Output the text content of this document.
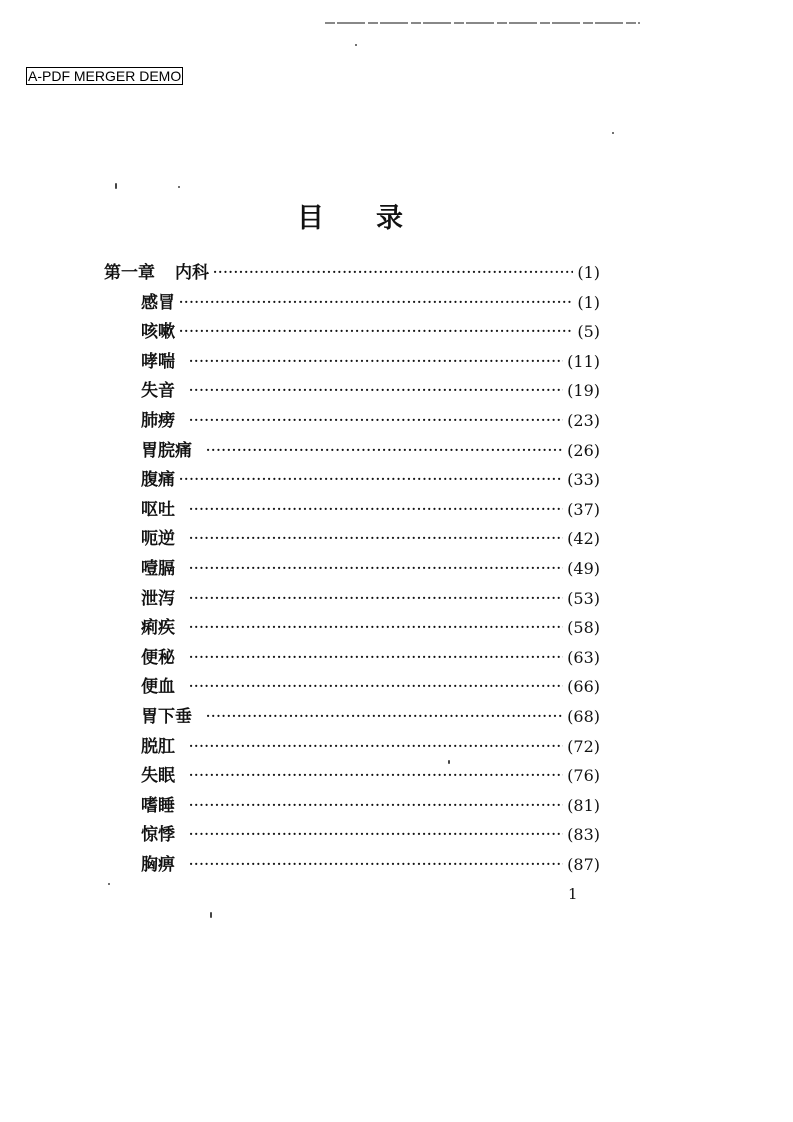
A-PDF MERGER DEMO
目录
第一章 内科 ·····	(1)
感冒 ·····	(1)
咳嗽 ·····	(5)
哮喘 ·····	(11)
失音 ·····	(19)
肺痨 ·····	(23)
胃脘痛 ·····	(26)
腹痛 ·····	(33)
呕吐 ·····	(37)
呃逆 ·····	(42)
噎膈 ·····	(49)
泄泻 ·····	(53)
痢疾 ·····	(58)
便秘 ·····	(63)
便血 ·····	(66)
胃下垂 ·····	(68)
脱肛 ·····	(72)
失眠 ·····	(76)
嗜睡 ·····	(81)
惊悸 ·····	(83)
胸痹 ·····	(87)
1
